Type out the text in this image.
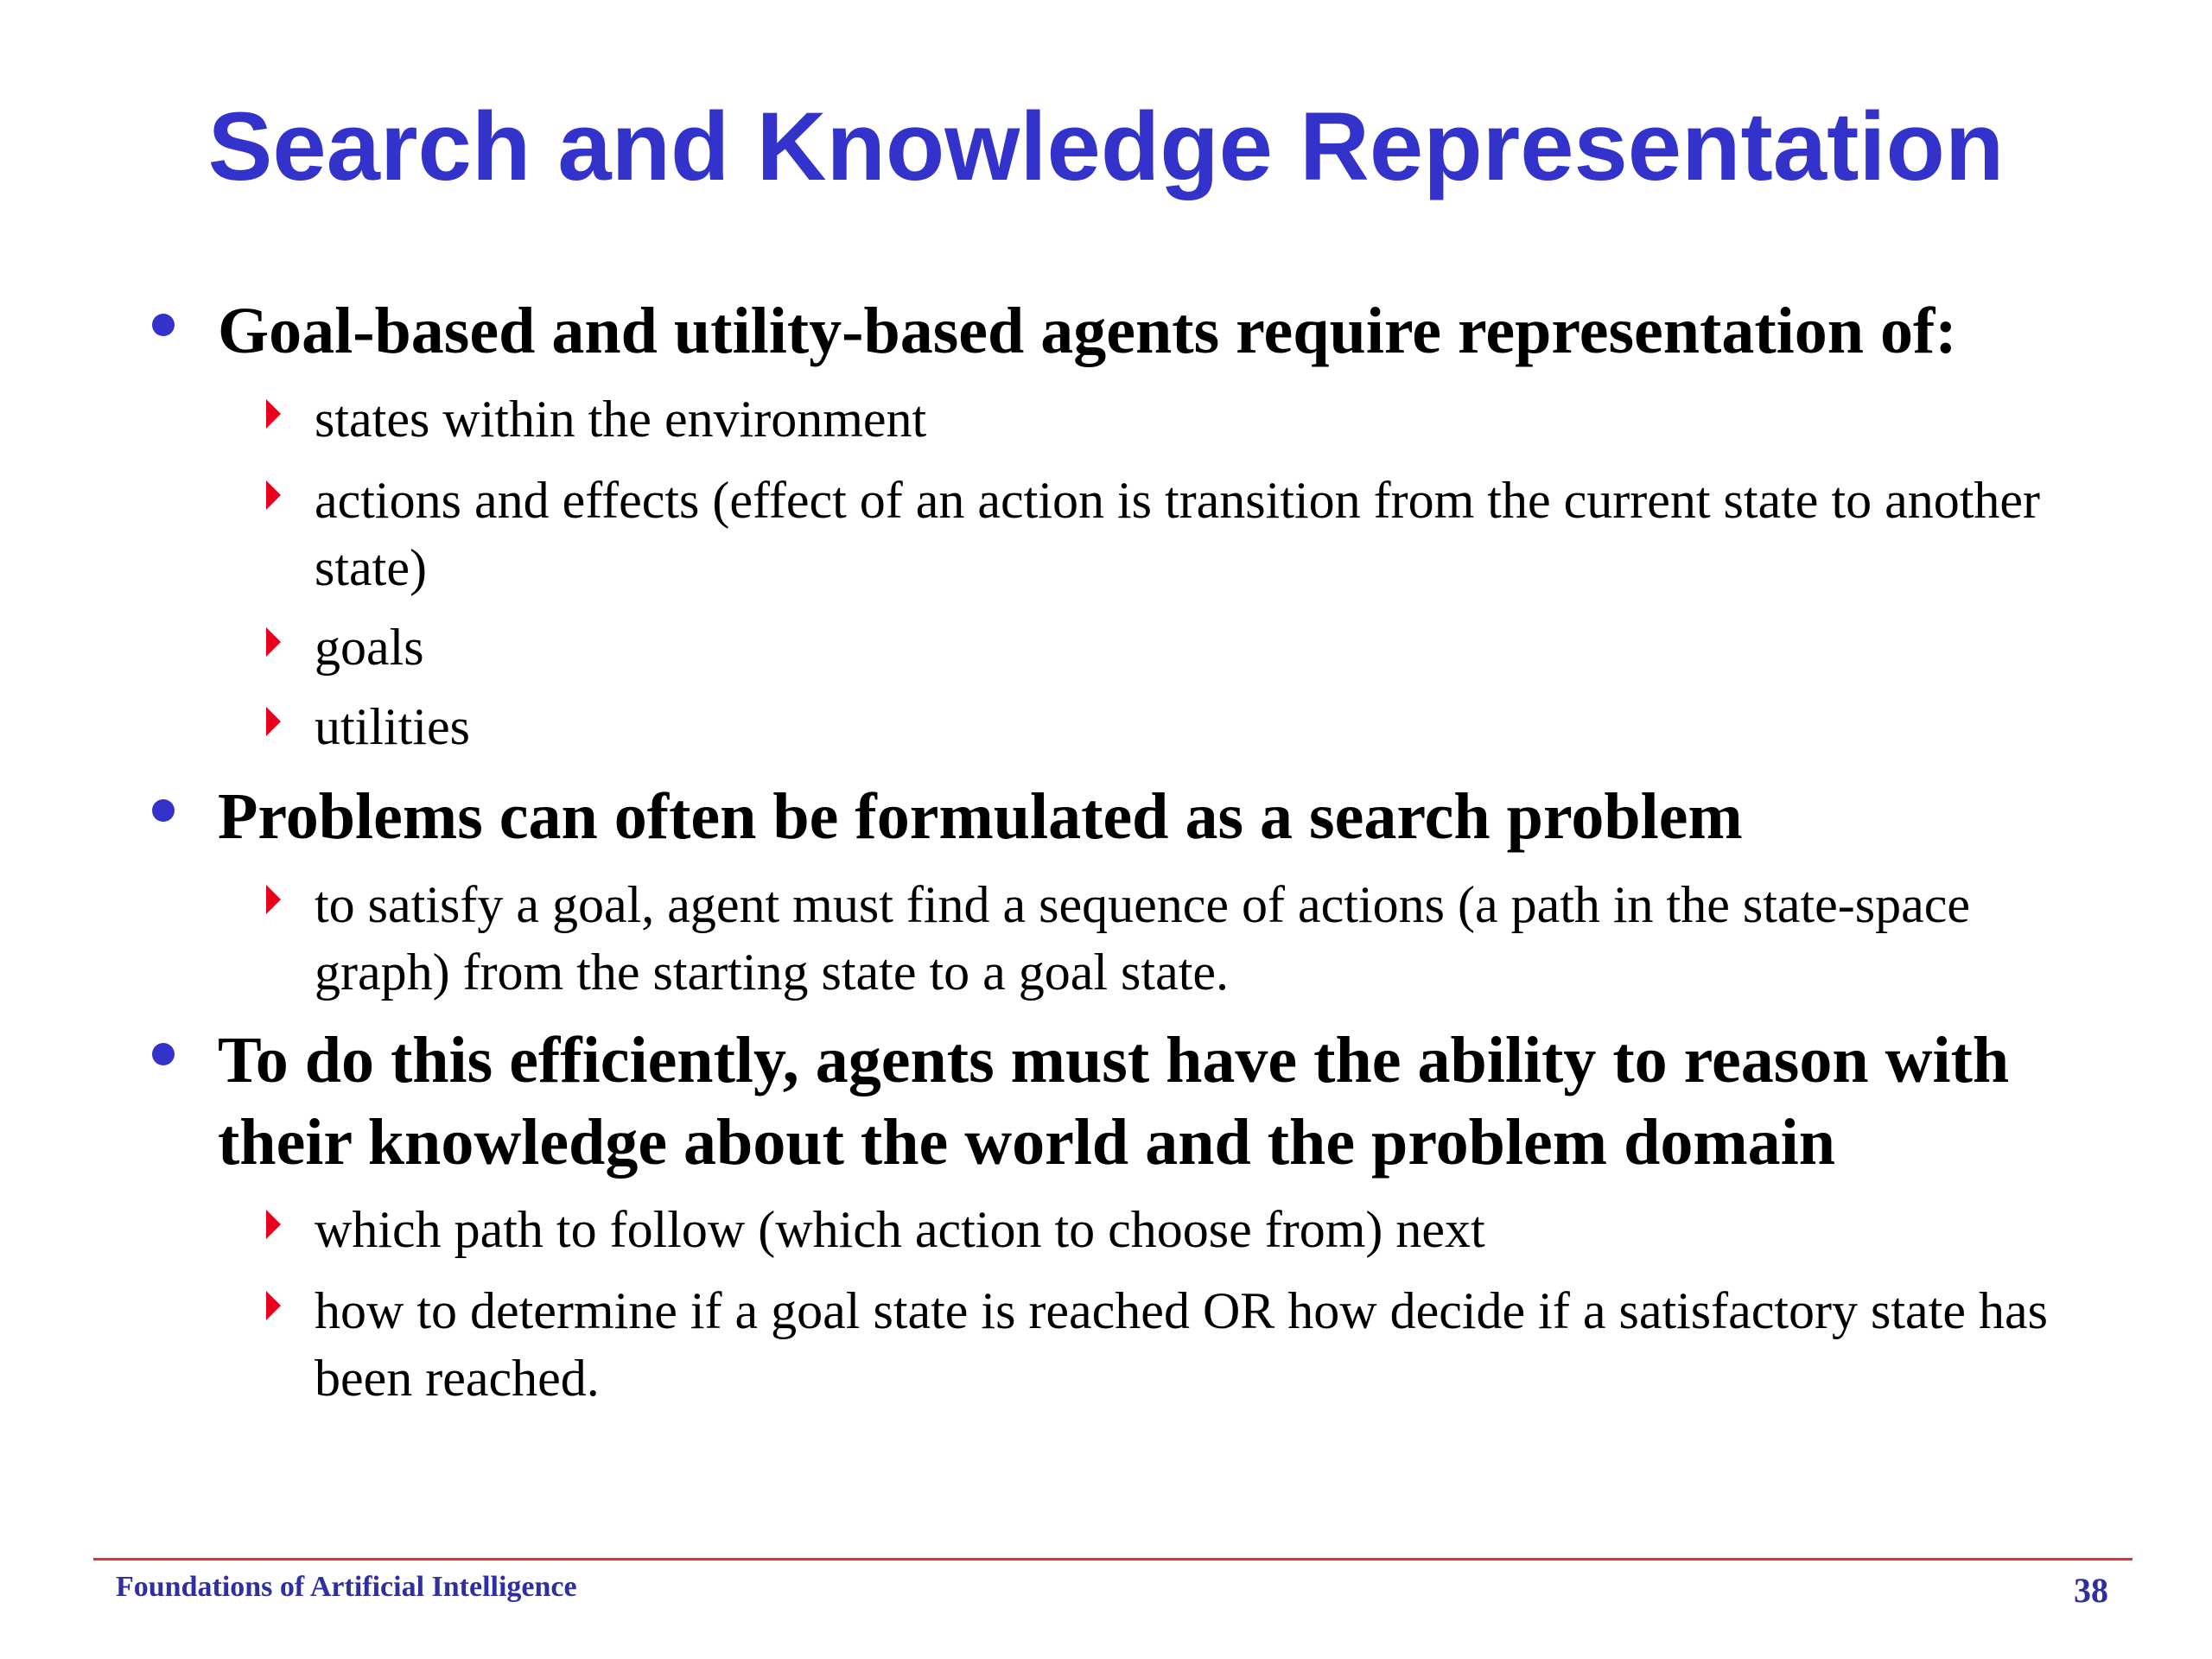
Search and Knowledge Representation
Goal-based and utility-based agents require representation of:
states within the environment
actions and effects (effect of an action is transition from the current state to another state)
goals
utilities
Problems can often be formulated as a search problem
to satisfy a goal, agent must find a sequence of actions (a path in the state-space graph) from the starting state to a goal state.
To do this efficiently, agents must have the ability to reason with their knowledge about the world and the problem domain
which path to follow (which action to choose from) next
how to determine if a goal state is reached OR how decide if a satisfactory state has been reached.
Foundations of Artificial Intelligence	38
